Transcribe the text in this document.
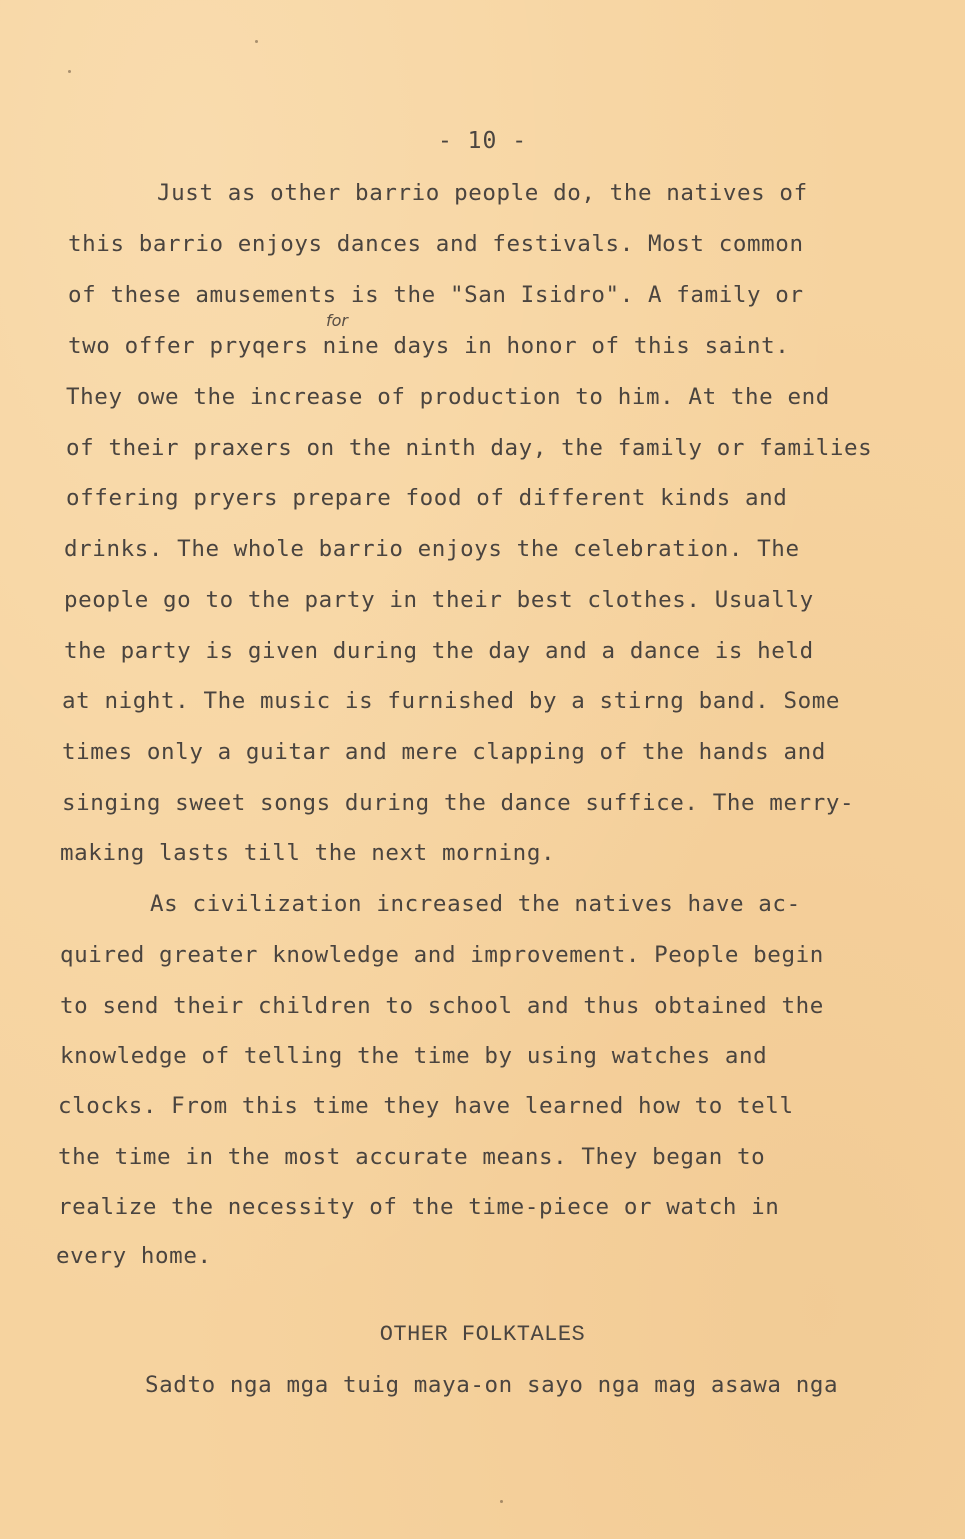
- 10 -
Just as other barrio people do, the natives of
this barrio enjoys dances and festivals. Most common
of these amusements is the "San Isidro". A family or
two offer pryqers nine days in honor of this saint.
for
They owe the increase of production to him. At the end
of their praxers on the ninth day, the family or families
offering pryers prepare food of different kinds and
drinks. The whole barrio enjoys the celebration. The
people go to the party in their best clothes. Usually
the party is given during the day and a dance is held
at night. The music is furnished by a stirng band. Some
times only a guitar and mere clapping of the hands and
singing sweet songs during the dance suffice. The merry-
making lasts till the next morning.
As civilization increased the natives have ac-
quired greater knowledge and improvement. People begin
to send their children to school and thus obtained the
knowledge of telling the time by using watches and
clocks. From this time they have learned how to tell
the time in the most accurate means. They began to
realize the necessity of the time-piece or watch in
every home.
OTHER FOLKTALES
Sadto nga mga tuig maya-on sayo nga mag asawa nga
